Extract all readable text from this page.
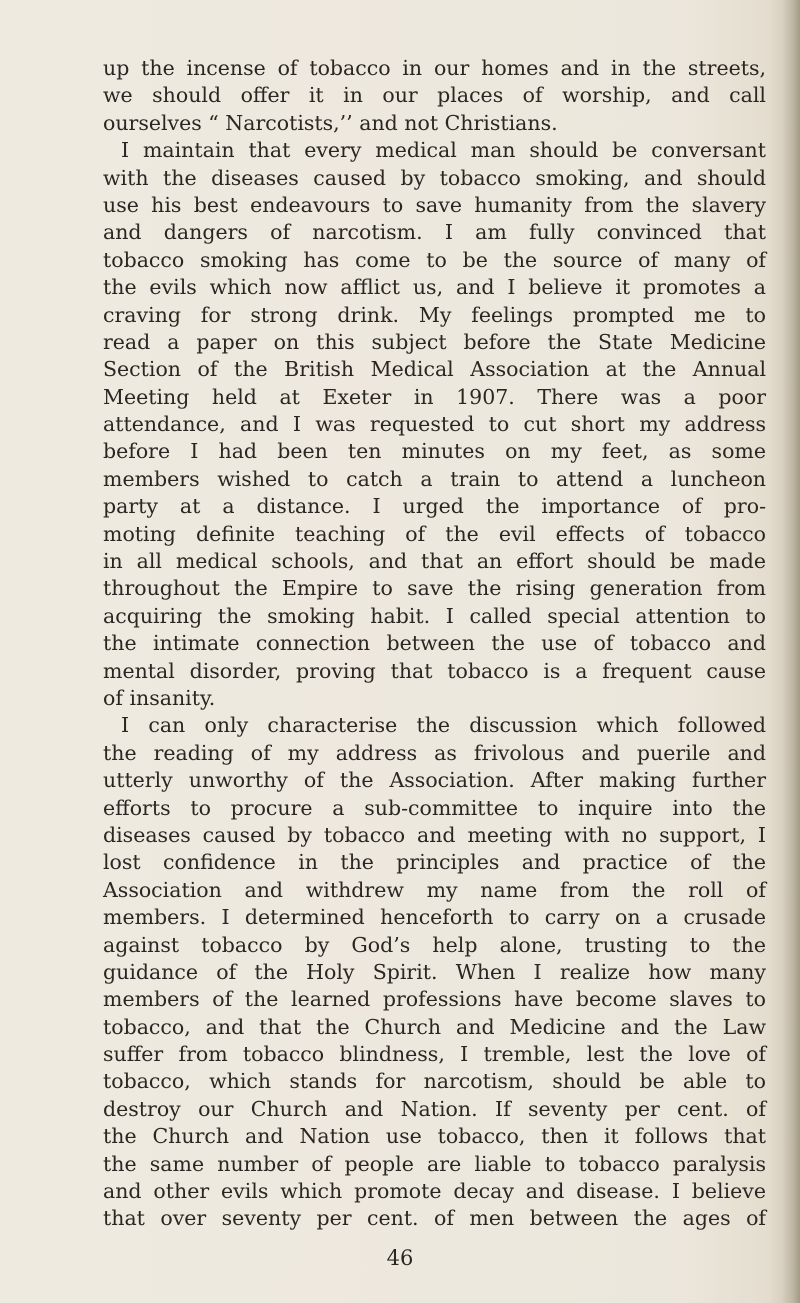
up the incense of tobacco in our homes and in the streets,
we should offer it in our places of worship, and call
ourselves “ Narcotists,’’ and not Christians.
I maintain that every medical man should be conversant
with the diseases caused by tobacco smoking, and should
use his best endeavours to save humanity from the slavery
and dangers of narcotism. I am fully convinced that
tobacco smoking has come to be the source of many of
the evils which now afflict us, and I believe it promotes a
craving for strong drink. My feelings prompted me to
read a paper on this subject before the State Medicine
Section of the British Medical Association at the Annual
Meeting held at Exeter in 1907. There was a poor
attendance, and I was requested to cut short my address
before I had been ten minutes on my feet, as some
members wished to catch a train to attend a luncheon
party at a distance. I urged the importance of pro-
moting definite teaching of the evil effects of tobacco
in all medical schools, and that an effort should be made
throughout the Empire to save the rising generation from
acquiring the smoking habit. I called special attention to
the intimate connection between the use of tobacco and
mental disorder, proving that tobacco is a frequent cause
of insanity.
I can only characterise the discussion which followed
the reading of my address as frivolous and puerile and
utterly unworthy of the Association. After making further
efforts to procure a sub-committee to inquire into the
diseases caused by tobacco and meeting with no support, I
lost confidence in the principles and practice of the
Association and withdrew my name from the roll of
members. I determined henceforth to carry on a crusade
against tobacco by God’s help alone, trusting to the
guidance of the Holy Spirit. When I realize how many
members of the learned professions have become slaves to
tobacco, and that the Church and Medicine and the Law
suffer from tobacco blindness, I tremble, lest the love of
tobacco, which stands for narcotism, should be able to
destroy our Church and Nation. If seventy per cent. of
the Church and Nation use tobacco, then it follows that
the same number of people are liable to tobacco paralysis
and other evils which promote decay and disease. I believe
that over seventy per cent. of men between the ages of
46
